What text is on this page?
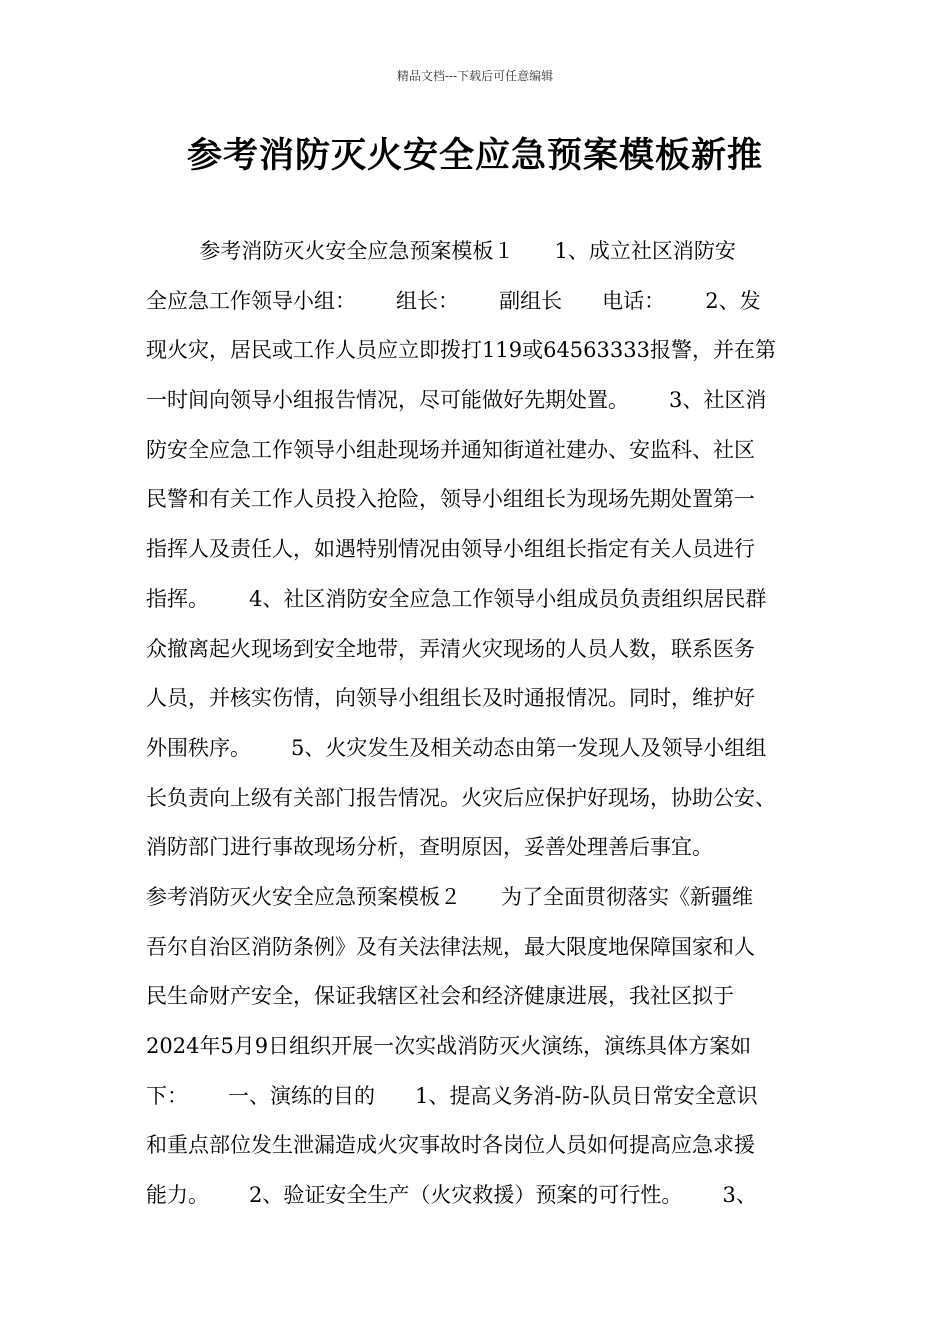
精品文档---下载后可任意编辑
参考消防灭火安全应急预案模板新推
参考消防灭火安全应急预案模板１      1、成立社区消防安
全应急工作领导小组：      组长：      副组长      电话：      2、发
现火灾，居民或工作人员应立即拨打119或64563333报警，并在第
一时间向领导小组报告情况，尽可能做好先期处置。      3、社区消
防安全应急工作领导小组赴现场并通知街道社建办、安监科、社区
民警和有关工作人员投入抢险，领导小组组长为现场先期处置第一
指挥人及责任人，如遇特别情况由领导小组组长指定有关人员进行
指挥。      4、社区消防安全应急工作领导小组成员负责组织居民群
众撤离起火现场到安全地带，弄清火灾现场的人员人数，联系医务
人员，并核实伤情，向领导小组组长及时通报情况。同时，维护好
外围秩序。      5、火灾发生及相关动态由第一发现人及领导小组组
长负责向上级有关部门报告情况。火灾后应保护好现场，协助公安、
消防部门进行事故现场分析，查明原因，妥善处理善后事宜。
参考消防灭火安全应急预案模板２      为了全面贯彻落实《新疆维
吾尔自治区消防条例》及有关法律法规，最大限度地保障国家和人
民生命财产安全，保证我辖区社会和经济健康进展，我社区拟于
2024年5月9日组织开展一次实战消防灭火演练，演练具体方案如
下：      一、演练的目的      1、提高义务消-防-队员日常安全意识
和重点部位发生泄漏造成火灾事故时各岗位人员如何提高应急求援
能力。      2、验证安全生产（火灾救援）预案的可行性。      3、
